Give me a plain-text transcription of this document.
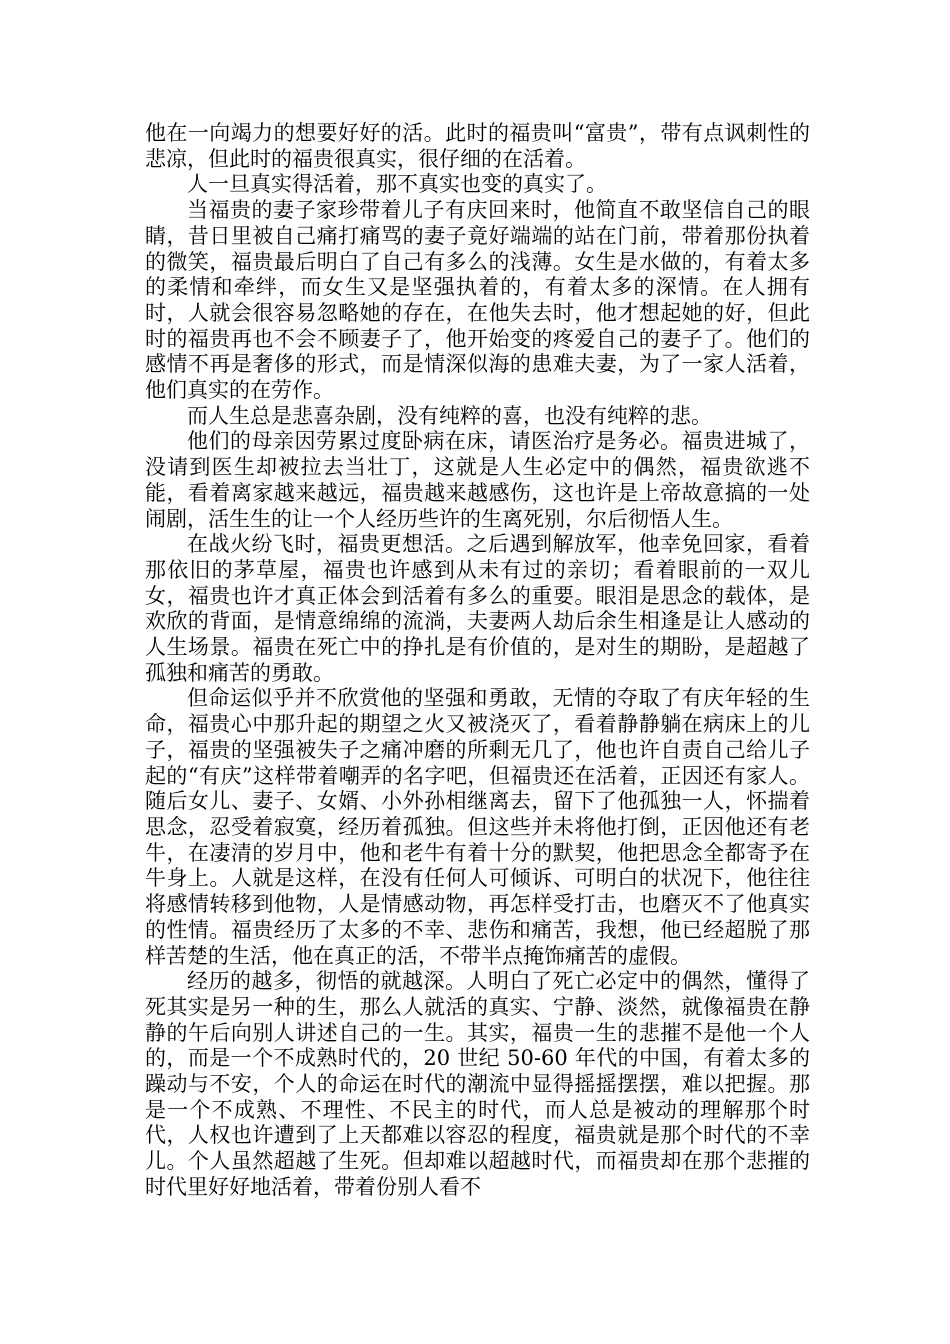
他在一向竭力的想要好好的活。此时的福贵叫“富贵”，带有点讽刺性的悲凉，但此时的福贵很真实，很仔细的在活着。

人一旦真实得活着，那不真实也变的真实了。

当福贵的妻子家珍带着儿子有庆回来时，他简直不敢坚信自己的眼睛，昔日里被自己痛打痛骂的妻子竟好端端的站在门前，带着那份执着的微笑，福贵最后明白了自己有多么的浅薄。女生是水做的，有着太多的柔情和牵绊，而女生又是坚强执着的，有着太多的深情。在人拥有时，人就会很容易忽略她的存在，在他失去时，他才想起她的好，但此时的福贵再也不会不顾妻子了，他开始变的疼爱自己的妻子了。他们的感情不再是奢侈的形式，而是情深似海的患难夫妻，为了一家人活着，他们真实的在劳作。

而人生总是悲喜杂剧，没有纯粹的喜，也没有纯粹的悲。

他们的母亲因劳累过度卧病在床，请医治疗是务必。福贵进城了，没请到医生却被拉去当壮丁，这就是人生必定中的偶然，福贵欲逃不能，看着离家越来越远，福贵越来越感伤，这也许是上帝故意搞的一处闹剧，活生生的让一个人经历些许的生离死别，尔后彻悟人生。

在战火纷飞时，福贵更想活。之后遇到解放军，他幸免回家，看着那依旧的茅草屋，福贵也许感到从未有过的亲切；看着眼前的一双儿女，福贵也许才真正体会到活着有多么的重要。眼泪是思念的载体，是欢欣的背面，是情意绵绵的流淌，夫妻两人劫后余生相逢是让人感动的人生场景。福贵在死亡中的挣扎是有价值的，是对生的期盼，是超越了孤独和痛苦的勇敢。

但命运似乎并不欣赏他的坚强和勇敢，无情的夺取了有庆年轻的生命，福贵心中那升起的期望之火又被浇灭了，看着静静躺在病床上的儿子，福贵的坚强被失子之痛冲磨的所剩无几了，他也许自责自己给儿子起的“有庆”这样带着嘲弄的名字吧，但福贵还在活着，正因还有家人。随后女儿、妻子、女婿、小外孙相继离去，留下了他孤独一人，怀揣着思念，忍受着寂寞，经历着孤独。但这些并未将他打倒，正因他还有老牛，在凄清的岁月中，他和老牛有着十分的默契，他把思念全都寄予在牛身上。人就是这样，在没有任何人可倾诉、可明白的状况下，他往往将感情转移到他物，人是情感动物，再怎样受打击，也磨灭不了他真实的性情。福贵经历了太多的不幸、悲伤和痛苦，我想，他已经超脱了那样苦楚的生活，他在真正的活，不带半点掩饰痛苦的虚假。

经历的越多，彻悟的就越深。人明白了死亡必定中的偶然，懂得了死其实是另一种的生，那么人就活的真实、宁静、淡然，就像福贵在静静的午后向别人讲述自己的一生。其实，福贵一生的悲摧不是他一个人的，而是一个不成熟时代的，20 世纪 50-60 年代的中国，有着太多的躁动与不安，个人的命运在时代的潮流中显得摇摇摆摆，难以把握。那是一个不成熟、不理性、不民主的时代，而人总是被动的理解那个时代，人权也许遭到了上天都难以容忍的程度，福贵就是那个时代的不幸儿。个人虽然超越了生死。但却难以超越时代，而福贵却在那个悲摧的时代里好好地活着，带着份别人看不
